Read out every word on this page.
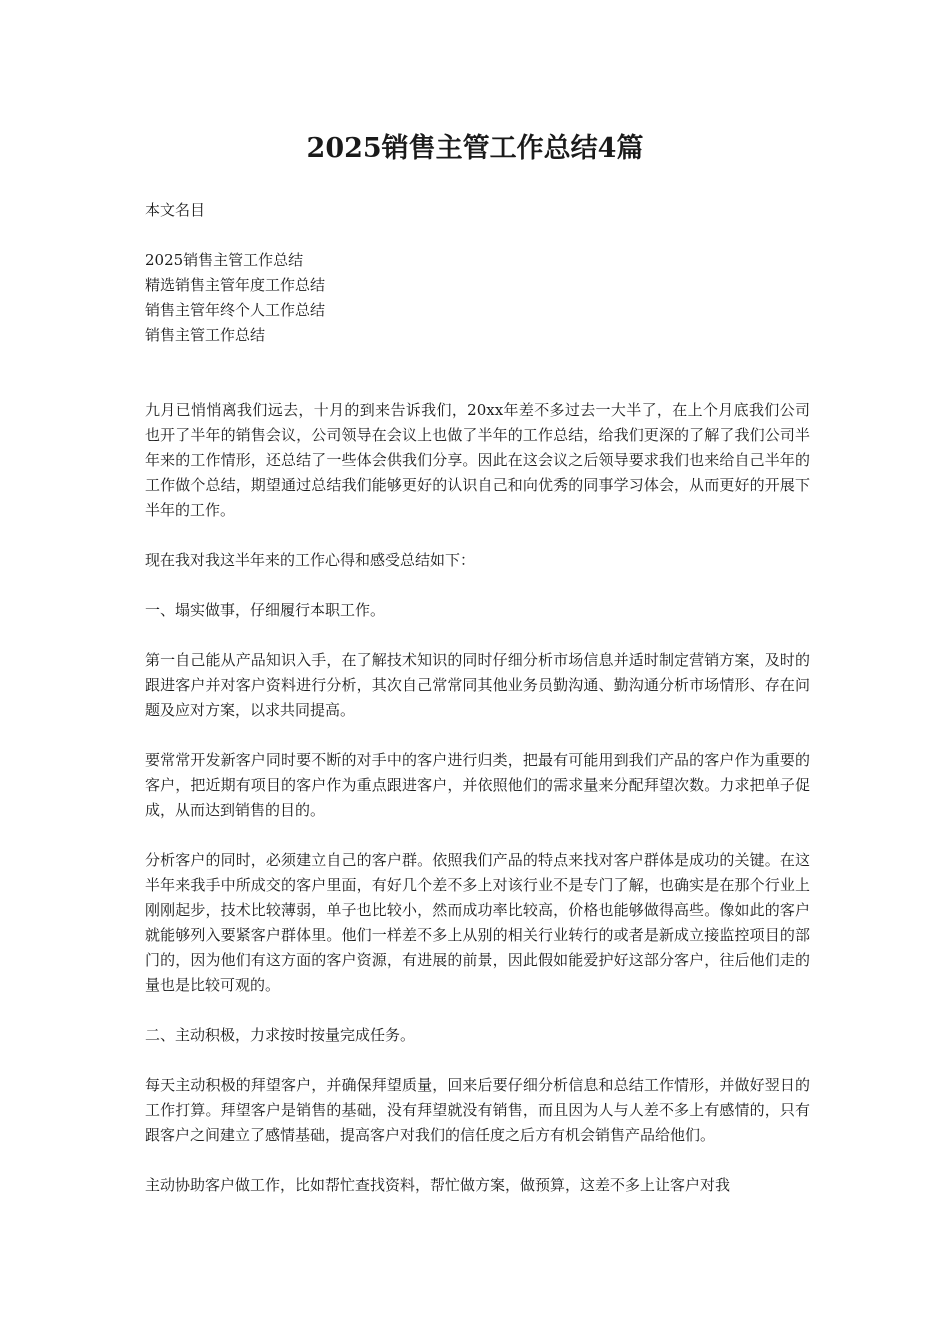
2025销售主管工作总结4篇

本文名目

2025销售主管工作总结
精选销售主管年度工作总结
销售主管年终个人工作总结
销售主管工作总结

九月已悄悄离我们远去，十月的到来告诉我们，20xx年差不多过去一大半了，在上个月底我们公司也开了半年的销售会议，公司领导在会议上也做了半年的工作总结，给我们更深的了解了我们公司半年来的工作情形，还总结了一些体会供我们分享。因此在这会议之后领导要求我们也来给自己半年的工作做个总结，期望通过总结我们能够更好的认识自己和向优秀的同事学习体会，从而更好的开展下半年的工作。

现在我对我这半年来的工作心得和感受总结如下：

一、塌实做事，仔细履行本职工作。

第一自己能从产品知识入手，在了解技术知识的同时仔细分析市场信息并适时制定营销方案，及时的跟进客户并对客户资料进行分析，其次自己常常同其他业务员勤沟通、勤沟通分析市场情形、存在问题及应对方案，以求共同提高。

要常常开发新客户同时要不断的对手中的客户进行归类，把最有可能用到我们产品的客户作为重要的客户，把近期有项目的客户作为重点跟进客户，并依照他们的需求量来分配拜望次数。力求把单子促成，从而达到销售的目的。

分析客户的同时，必须建立自己的客户群。依照我们产品的特点来找对客户群体是成功的关键。在这半年来我手中所成交的客户里面，有好几个差不多上对该行业不是专门了解，也确实是在那个行业上刚刚起步，技术比较薄弱，单子也比较小，然而成功率比较高，价格也能够做得高些。像如此的客户就能够列入要紧客户群体里。他们一样差不多上从别的相关行业转行的或者是新成立接监控项目的部门的，因为他们有这方面的客户资源，有进展的前景，因此假如能爱护好这部分客户，往后他们走的量也是比较可观的。

二、主动积极，力求按时按量完成任务。

每天主动积极的拜望客户，并确保拜望质量，回来后要仔细分析信息和总结工作情形，并做好翌日的工作打算。拜望客户是销售的基础，没有拜望就没有销售，而且因为人与人差不多上有感情的，只有跟客户之间建立了感情基础，提高客户对我们的信任度之后方有机会销售产品给他们。

主动协助客户做工作，比如帮忙查找资料，帮忙做方案，做预算，这差不多上让客户对我
